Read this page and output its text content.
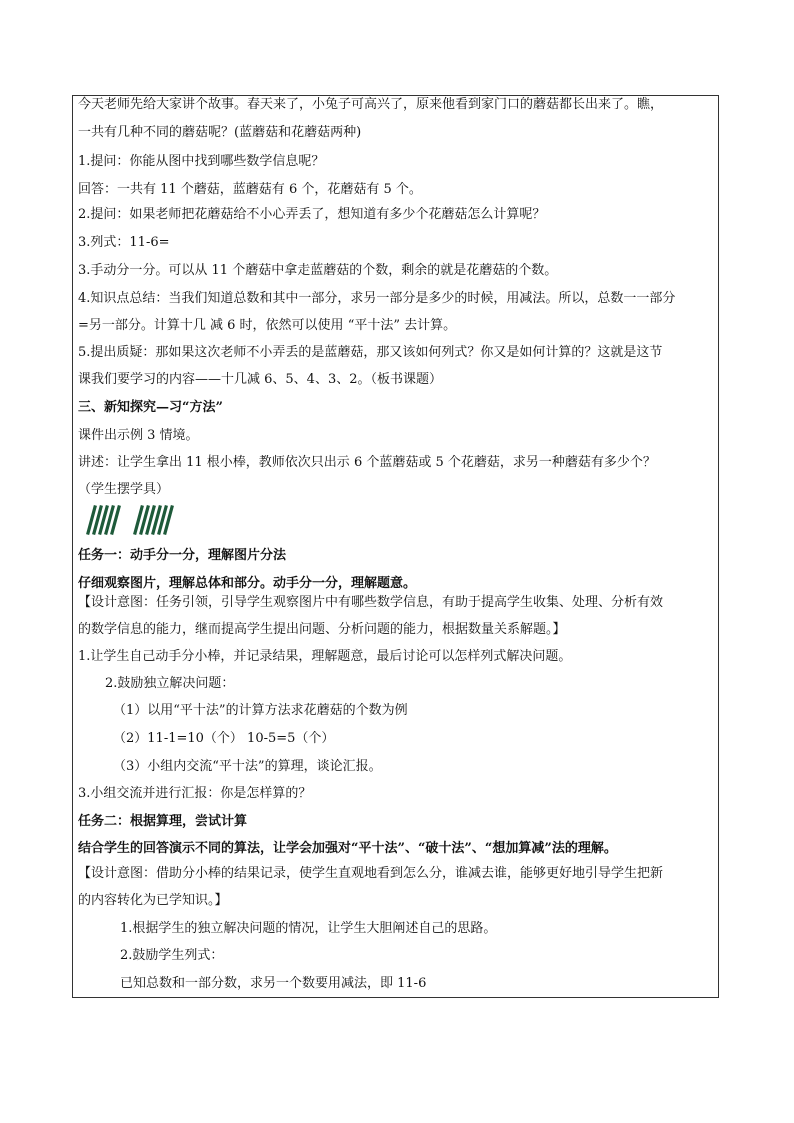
今天老师先给大家讲个故事。春天来了，小兔子可高兴了，原来他看到家门口的蘑菇都长出来了。瞧，
一共有几种不同的蘑菇呢？(蓝蘑菇和花蘑菇两种)
1.提问：你能从图中找到哪些数学信息呢？
回答：一共有 11 个蘑菇，蓝蘑菇有 6 个，花蘑菇有 5 个。
2.提问：如果老师把花蘑菇给不小心弄丢了，想知道有多少个花蘑菇怎么计算呢？
3.列式：11-6=
3.手动分一分。可以从 11 个蘑菇中拿走蓝蘑菇的个数，剩余的就是花蘑菇的个数。
4.知识点总结：当我们知道总数和其中一部分，求另一部分是多少的时候，用减法。所以，总数一一部分
=另一部分。计算十几 减 6 时，依然可以使用 “平十法” 去计算。
5.提出质疑：那如果这次老师不小弄丢的是蓝蘑菇，那又该如何列式？你又是如何计算的？这就是这节
课我们要学习的内容——十几减 6、5、4、3、2。（板书课题）
三、新知探究—习“方法”
课件出示例 3 情境。
讲述：让学生拿出 11 根小棒，教师依次只出示 6 个蓝蘑菇或 5 个花蘑菇，求另一种蘑菇有多少个？
（学生摆学具）
任务一：动手分一分，理解图片分法
仔细观察图片，理解总体和部分。动手分一分，理解题意。
【设计意图：任务引领，引导学生观察图片中有哪些数学信息，有助于提高学生收集、处理、分析有效
的数学信息的能力，继而提高学生提出问题、分析问题的能力，根据数量关系解题。】
1.让学生自己动手分小棒，并记录结果，理解题意，最后讨论可以怎样列式解决问题。
2.鼓励独立解决问题：
（1）以用“平十法”的计算方法求花蘑菇的个数为例
（2）11-1=10（个） 10-5=5（个）
（3）小组内交流“平十法”的算理，谈论汇报。
3.小组交流并进行汇报：你是怎样算的？
任务二：根据算理，尝试计算
结合学生的回答演示不同的算法，让学会加强对“平十法”、“破十法”、“想加算减”法的理解。
【设计意图：借助分小棒的结果记录，使学生直观地看到怎么分，谁减去谁，能够更好地引导学生把新
的内容转化为已学知识。】
1.根据学生的独立解决问题的情况，让学生大胆阐述自己的思路。
2.鼓励学生列式：
已知总数和一部分数，求另一个数要用减法，即 11-6
